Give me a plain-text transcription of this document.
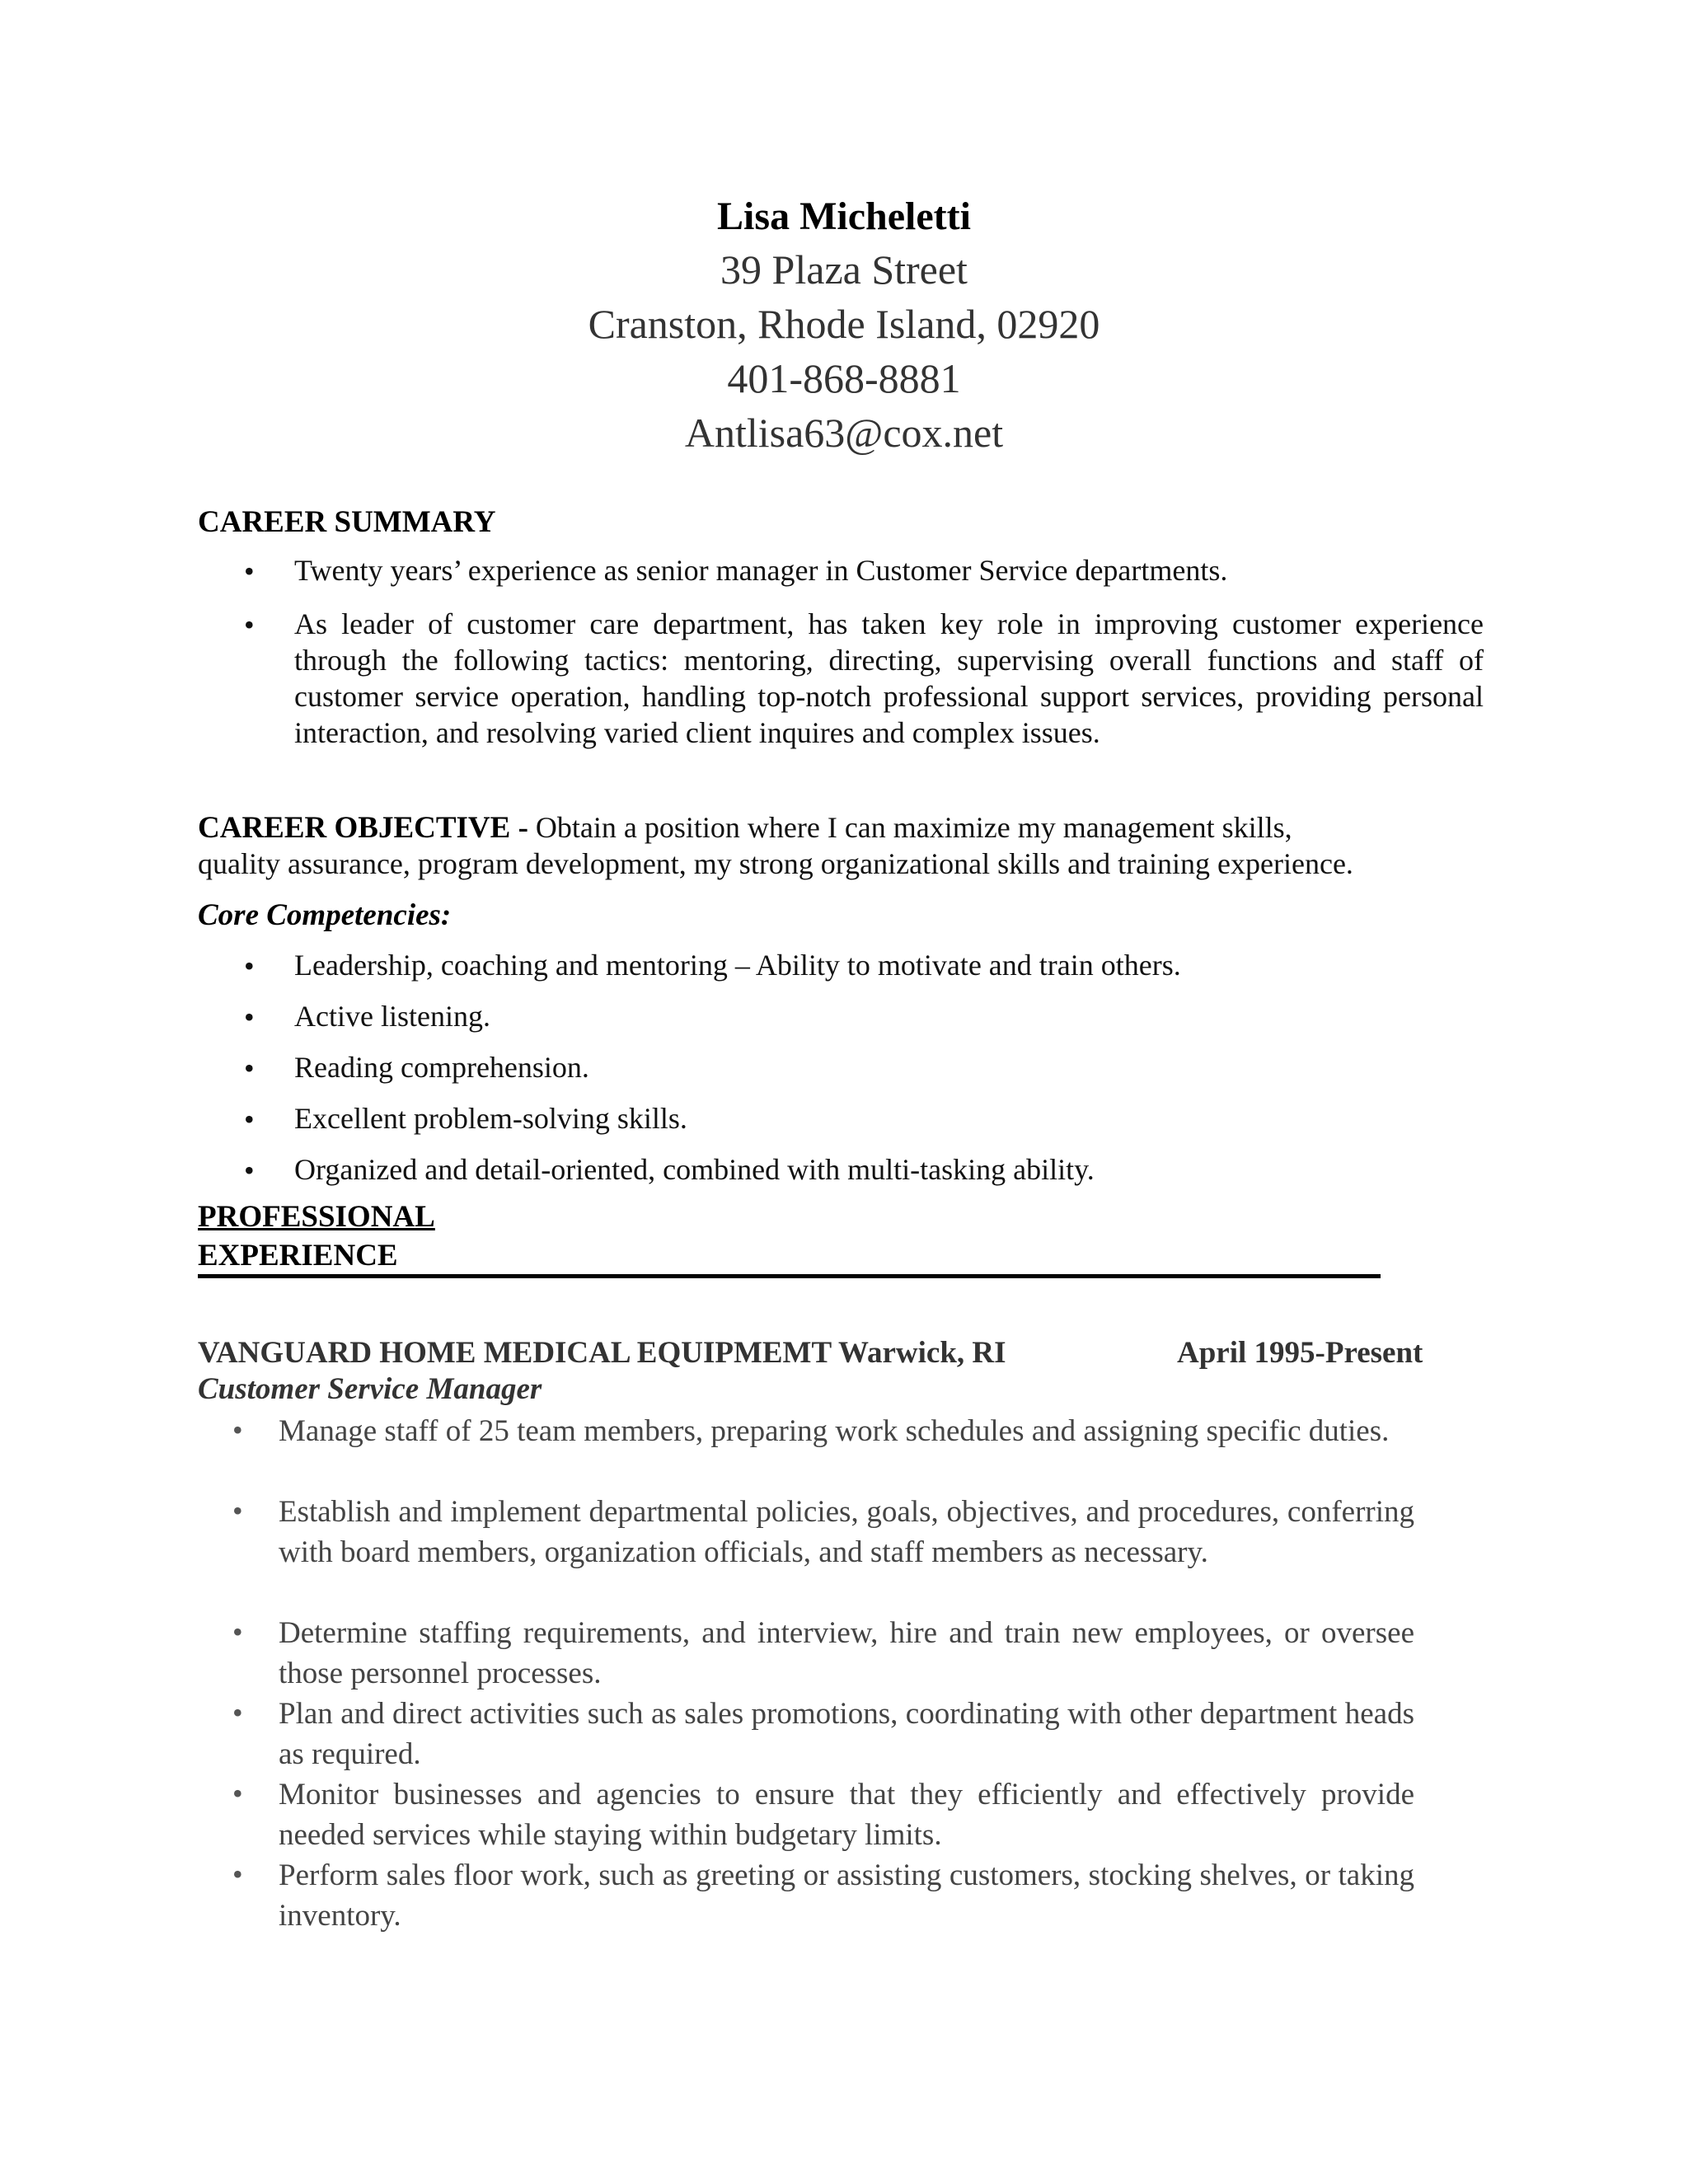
Lisa Micheletti
39 Plaza Street
Cranston, Rhode Island, 02920
401-868-8881
Antlisa63@cox.net
CAREER SUMMARY
• Twenty years’ experience as senior manager in Customer Service departments.
• As leader of customer care department, has taken key role in improving customer experience through the following tactics: mentoring, directing, supervising overall functions and staff of customer service operation, handling top-notch professional support services, providing personal interaction, and resolving varied client inquires and complex issues.
CAREER OBJECTIVE - Obtain a position where I can maximize my management skills,
quality assurance, program development, my strong organizational skills and training experience.
Core Competencies:
• Leadership, coaching and mentoring – Ability to motivate and train others.
• Active listening.
• Reading comprehension.
• Excellent problem-solving skills.
• Organized and detail-oriented, combined with multi-tasking ability.
PROFESSIONAL
EXPERIENCE
VANGUARD HOME MEDICAL EQUIPMEMT Warwick, RI	April 1995-Present
Customer Service Manager
• Manage staff of 25 team members, preparing work schedules and assigning specific duties.
• Establish and implement departmental policies, goals, objectives, and procedures, conferring with board members, organization officials, and staff members as necessary.
• Determine staffing requirements, and interview, hire and train new employees, or oversee those personnel processes.
• Plan and direct activities such as sales promotions, coordinating with other department heads as required.
• Monitor businesses and agencies to ensure that they efficiently and effectively provide needed services while staying within budgetary limits.
• Perform sales floor work, such as greeting or assisting customers, stocking shelves, or taking inventory.
